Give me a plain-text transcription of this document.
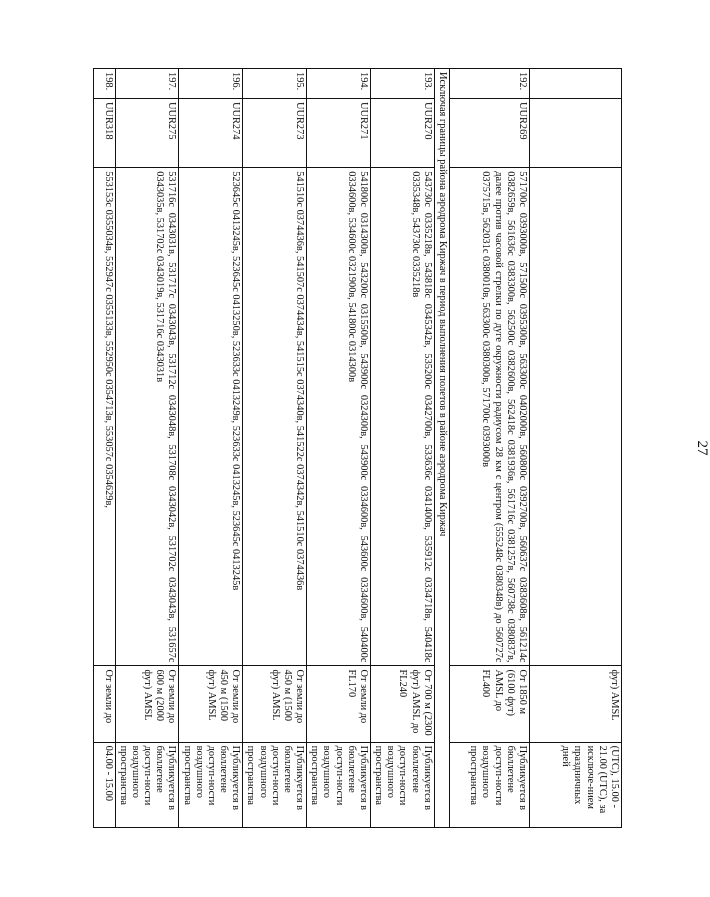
27
			фут) AMSL	(UTC), 15.00 - 21.00 (UTC), за исключе-нием праздничных дней
192.	UUR269	571700с 0393000в, 571500с 0395300в, 563300с 0402000в, 560800с 0392700в, 560637с 0383608в, 561214с 0382659в, 561636с 0383300в, 562500с 0382600в, 562418с 0381936в, 561716с 0381257в, 560738с 0380837в, далее против часовой стрелки по дуге окружности радиусом 28 км с центром (555248с 0380348в) до 560727с 0375715в, 562031с 0380010в, 563300с 0380300в, 571700с 0393000в	От 1850 м (6100 фут) AMSL до FL400	Публикуется в бюллетене доступ-ности воздушного пространства
Исключая границы района аэродрома Киржач в период выполнения полетов в районе аэродрома Киржач				
193.	UUR270	543730с 0335218в, 543818с 0345342в, 535200с 0342700в, 533636с 0341400в, 535912с 0334718в, 540418с 0335348в, 543730с 0335218в	От 700 м (2300 фут) AMSL до FL240	Публикуется в бюллетене доступ-ности воздушного пространства
194.	UUR271	541800с 0314300в, 543200с 0315500в, 543900с 0324300в, 543900с 0334600в, 543600с 0334600в, 540400с 0334600в, 534600с 0321900в, 541800с 0314300в	От земли до FL170	Публикуется в бюллетене доступ-ности воздушного пространства
195.	UUR273	541510с 0374436в, 541507с 0374434в, 541515с 0374340в, 541522с 0374342в, 541510с 0374436в	От земли до 450 м (1500 фут) AMSL	Публикуется в бюллетене доступ-ности воздушного пространства
196.	UUR274	523645с 0413245в, 523645с 0413250в, 523633с 0413249в, 523633с 0413245в, 523645с 0413245в	От земли до 450 м (1500 фут) AMSL	Публикуется в бюллетене доступ-ности воздушного пространства
197.	UUR275	531716с 0343031в, 531717с 0343043в, 531712с 0343048в, 531708с 0343042в, 531702с 0343043в, 531657с 0343035в, 531702с 0343019в, 531716с 0343031в	От земли до 600 м (2000 фут) AMSL	Публикуется в бюллетене доступ-ности воздушного пространства
198.	UUR318	553153с 0355034в, 552947с 0355133в, 552950с 0354713в, 553057с 0354629в,	От земли до	04.00 - 15.00
